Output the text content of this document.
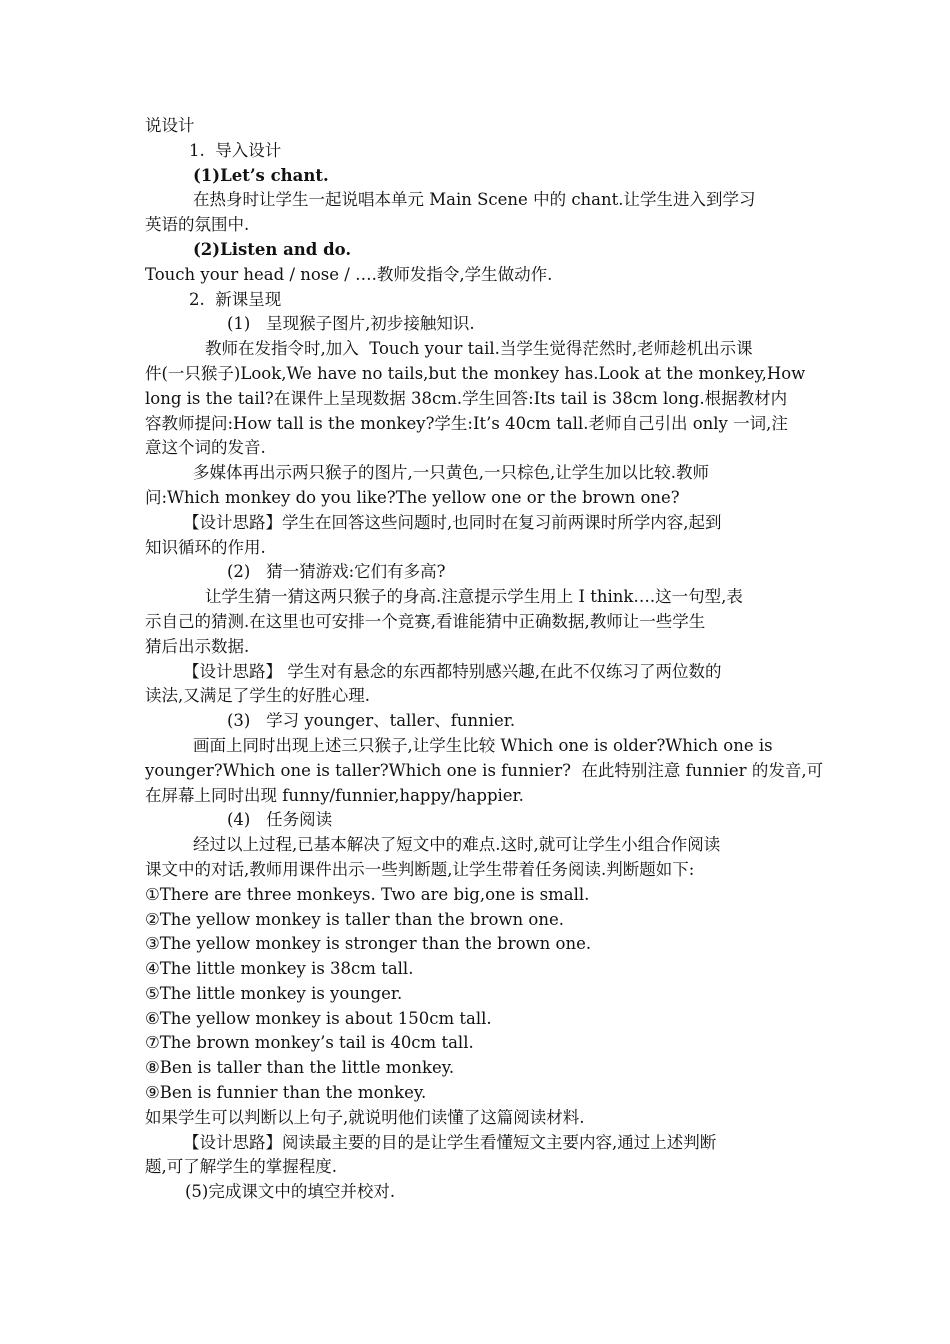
说设计
1.  导入设计
(1)Let’s chant.
在热身时让学生一起说唱本单元 Main Scene 中的 chant.让学生进入到学习
英语的氛围中.
(2)Listen and do.
Touch your head / nose / ….教师发指令,学生做动作.
2.  新课呈现
(1)   呈现猴子图片,初步接触知识.
教师在发指令时,加入  Touch your tail.当学生觉得茫然时,老师趁机出示课
件(一只猴子)Look,We have no tails,but the monkey has.Look at the monkey,How
long is the tail?在课件上呈现数据 38cm.学生回答:Its tail is 38cm long.根据教材内
容教师提问:How tall is the monkey?学生:It’s 40cm tall.老师自己引出 only 一词,注
意这个词的发音.
多媒体再出示两只猴子的图片,一只黄色,一只棕色,让学生加以比较.教师
问:Which monkey do you like?The yellow one or the brown one?
【设计思路】学生在回答这些问题时,也同时在复习前两课时所学内容,起到
知识循环的作用.
(2)   猜一猜游戏:它们有多高?
让学生猜一猜这两只猴子的身高.注意提示学生用上 I think….这一句型,表
示自己的猜测.在这里也可安排一个竞赛,看谁能猜中正确数据,教师让一些学生
猜后出示数据.
【设计思路】 学生对有悬念的东西都特别感兴趣,在此不仅练习了两位数的
读法,又满足了学生的好胜心理.
(3)   学习 younger、taller、funnier.
画面上同时出现上述三只猴子,让学生比较 Which one is older?Which one is
younger?Which one is taller?Which one is funnier?  在此特别注意 funnier 的发音,可
在屏幕上同时出现 funny/funnier,happy/happier.
(4)   任务阅读
经过以上过程,已基本解决了短文中的难点.这时,就可让学生小组合作阅读
课文中的对话,教师用课件出示一些判断题,让学生带着任务阅读.判断题如下:
①There are three monkeys. Two are big,one is small.
②The yellow monkey is taller than the brown one.
③The yellow monkey is stronger than the brown one.
④The little monkey is 38cm tall.
⑤The little monkey is younger.
⑥The yellow monkey is about 150cm tall.
⑦The brown monkey’s tail is 40cm tall.
⑧Ben is taller than the little monkey.
⑨Ben is funnier than the monkey.
如果学生可以判断以上句子,就说明他们读懂了这篇阅读材料.
【设计思路】阅读最主要的目的是让学生看懂短文主要内容,通过上述判断
题,可了解学生的掌握程度.
(5)完成课文中的填空并校对.
